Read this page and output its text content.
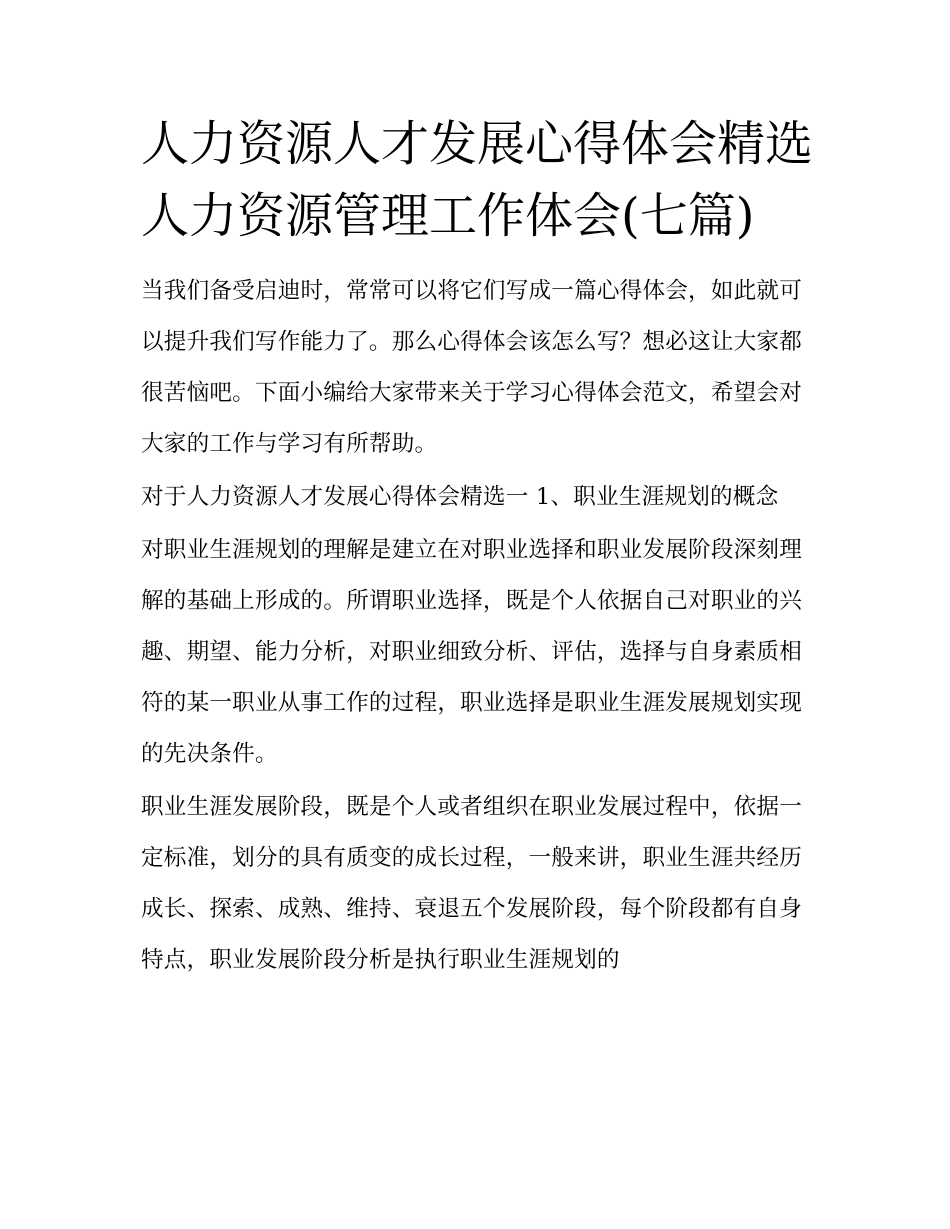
人力资源人才发展心得体会精选 人力资源管理工作体会(七篇)

当我们备受启迪时，常常可以将它们写成一篇心得体会，如此就可以提升我们写作能力了。那么心得体会该怎么写？想必这让大家都很苦恼吧。下面小编给大家带来关于学习心得体会范文，希望会对大家的工作与学习有所帮助。

对于人力资源人才发展心得体会精选一 1、职业生涯规划的概念

对职业生涯规划的理解是建立在对职业选择和职业发展阶段深刻理解的基础上形成的。所谓职业选择，既是个人依据自己对职业的兴趣、期望、能力分析，对职业细致分析、评估，选择与自身素质相符的某一职业从事工作的过程，职业选择是职业生涯发展规划实现的先决条件。

职业生涯发展阶段，既是个人或者组织在职业发展过程中，依据一定标准，划分的具有质变的成长过程，一般来讲，职业生涯共经历成长、探索、成熟、维持、衰退五个发展阶段，每个阶段都有自身特点，职业发展阶段分析是执行职业生涯规划的
